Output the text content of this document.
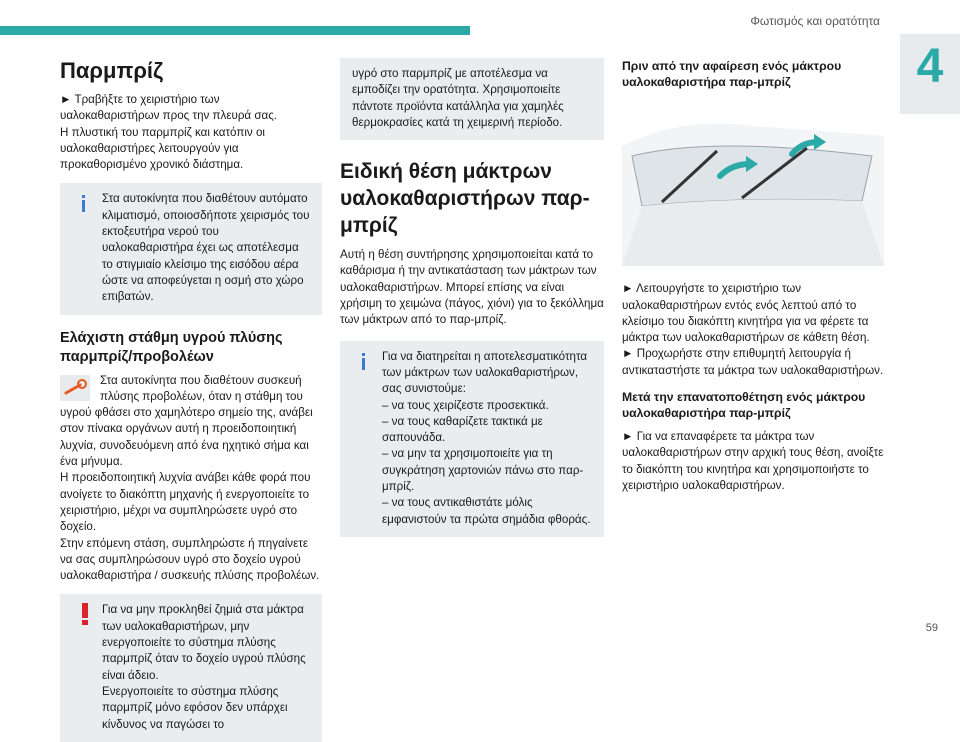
Φωτισμός και ορατότητα
4
Παρμπρίζ

► Τραβήξτε το χειριστήριο των υαλοκαθαριστήρων προς την πλευρά σας.
Η πλυστική του παρμπρίζ και κατόπιν οι υαλοκαθαριστήρες λειτουργούν για προκαθορισμένο χρονικό διάστημα.

Στα αυτοκίνητα που διαθέτουν αυτόματο κλιματισμό, οποιοσδήποτε χειρισμός του εκτοξευτήρα νερού του υαλοκαθαριστήρα έχει ως αποτέλεσμα το στιγμιαίο κλείσιμο της εισόδου αέρα ώστε να αποφεύγεται η οσμή στο χώρο επιβατών.

Ελάχιστη στάθμη υγρού πλύσης παρμπρίζ/προβολέων

Στα αυτοκίνητα που διαθέτουν συσκευή πλύσης προβολέων, όταν η στάθμη του υγρού φθάσει στο χαμηλότερο σημείο της, ανάβει στον πίνακα οργάνων αυτή η προειδοποιητική λυχνία, συνοδευόμενη από ένα ηχητικό σήμα και ένα μήνυμα.
Η προειδοποιητική λυχνία ανάβει κάθε φορά που ανοίγετε το διακόπτη μηχανής ή ενεργοποιείτε το χειριστήριο, μέχρι να συμπληρώσετε υγρό στο δοχείο.
Στην επόμενη στάση, συμπληρώστε ή πηγαίνετε να σας συμπληρώσουν υγρό στο δοχείο υγρού υαλοκαθαριστήρα / συσκευής πλύσης προβολέων.

Για να μην προκληθεί ζημιά στα μάκτρα των υαλοκαθαριστήρων, μην ενεργοποιείτε το σύστημα πλύσης παρμπρίζ όταν το δοχείο υγρού πλύσης είναι άδειο.
Ενεργοποιείτε το σύστημα πλύσης παρμπρίζ μόνο εφόσον δεν υπάρχει κίνδυνος να παγώσει το

υγρό στο παρμπρίζ με αποτέλεσμα να εμποδίζει την ορατότητα. Χρησιμοποιείτε πάντοτε προϊόντα κατάλληλα για χαμηλές θερμοκρασίες κατά τη χειμερινή περίοδο.

Ειδική θέση μάκτρων υαλοκαθαριστήρων παρ-μπρίζ

Αυτή η θέση συντήρησης χρησιμοποιείται κατά το καθάρισμα ή την αντικατάσταση των μάκτρων των υαλοκαθαριστήρων. Μπορεί επίσης να είναι χρήσιμη το χειμώνα (πάγος, χιόνι) για το ξεκόλλημα των μάκτρων από το παρ-μπρίζ.

Για να διατηρείται η αποτελεσματικότητα των μάκτρων των υαλοκαθαριστήρων, σας συνιστούμε:
– να τους χειρίζεστε προσεκτικά.
– να τους καθαρίζετε τακτικά με σαπουνάδα.
– να μην τα χρησιμοποιείτε για τη συγκράτηση χαρτονιών πάνω στο παρ-μπρίζ.
– να τους αντικαθιστάτε μόλις εμφανιστούν τα πρώτα σημάδια φθοράς.

Πριν από την αφαίρεση ενός μάκτρου υαλοκαθαριστήρα παρ-μπρίζ

► Λειτουργήστε το χειριστήριο των υαλοκαθαριστήρων εντός ενός λεπτού από το κλείσιμο του διακόπτη κινητήρα για να φέρετε τα μάκτρα των υαλοκαθαριστήρων σε κάθετη θέση.
► Προχωρήστε στην επιθυμητή λειτουργία ή αντικαταστήστε τα μάκτρα των υαλοκαθαριστήρων.

Μετά την επανατοποθέτηση ενός μάκτρου υαλοκαθαριστήρα παρ-μπρίζ

► Για να επαναφέρετε τα μάκτρα των υαλοκαθαριστήρων στην αρχική τους θέση, ανοίξτε το διακόπτη του κινητήρα και χρησιμοποιήστε το χειριστήριο υαλοκαθαριστήρων.

59
